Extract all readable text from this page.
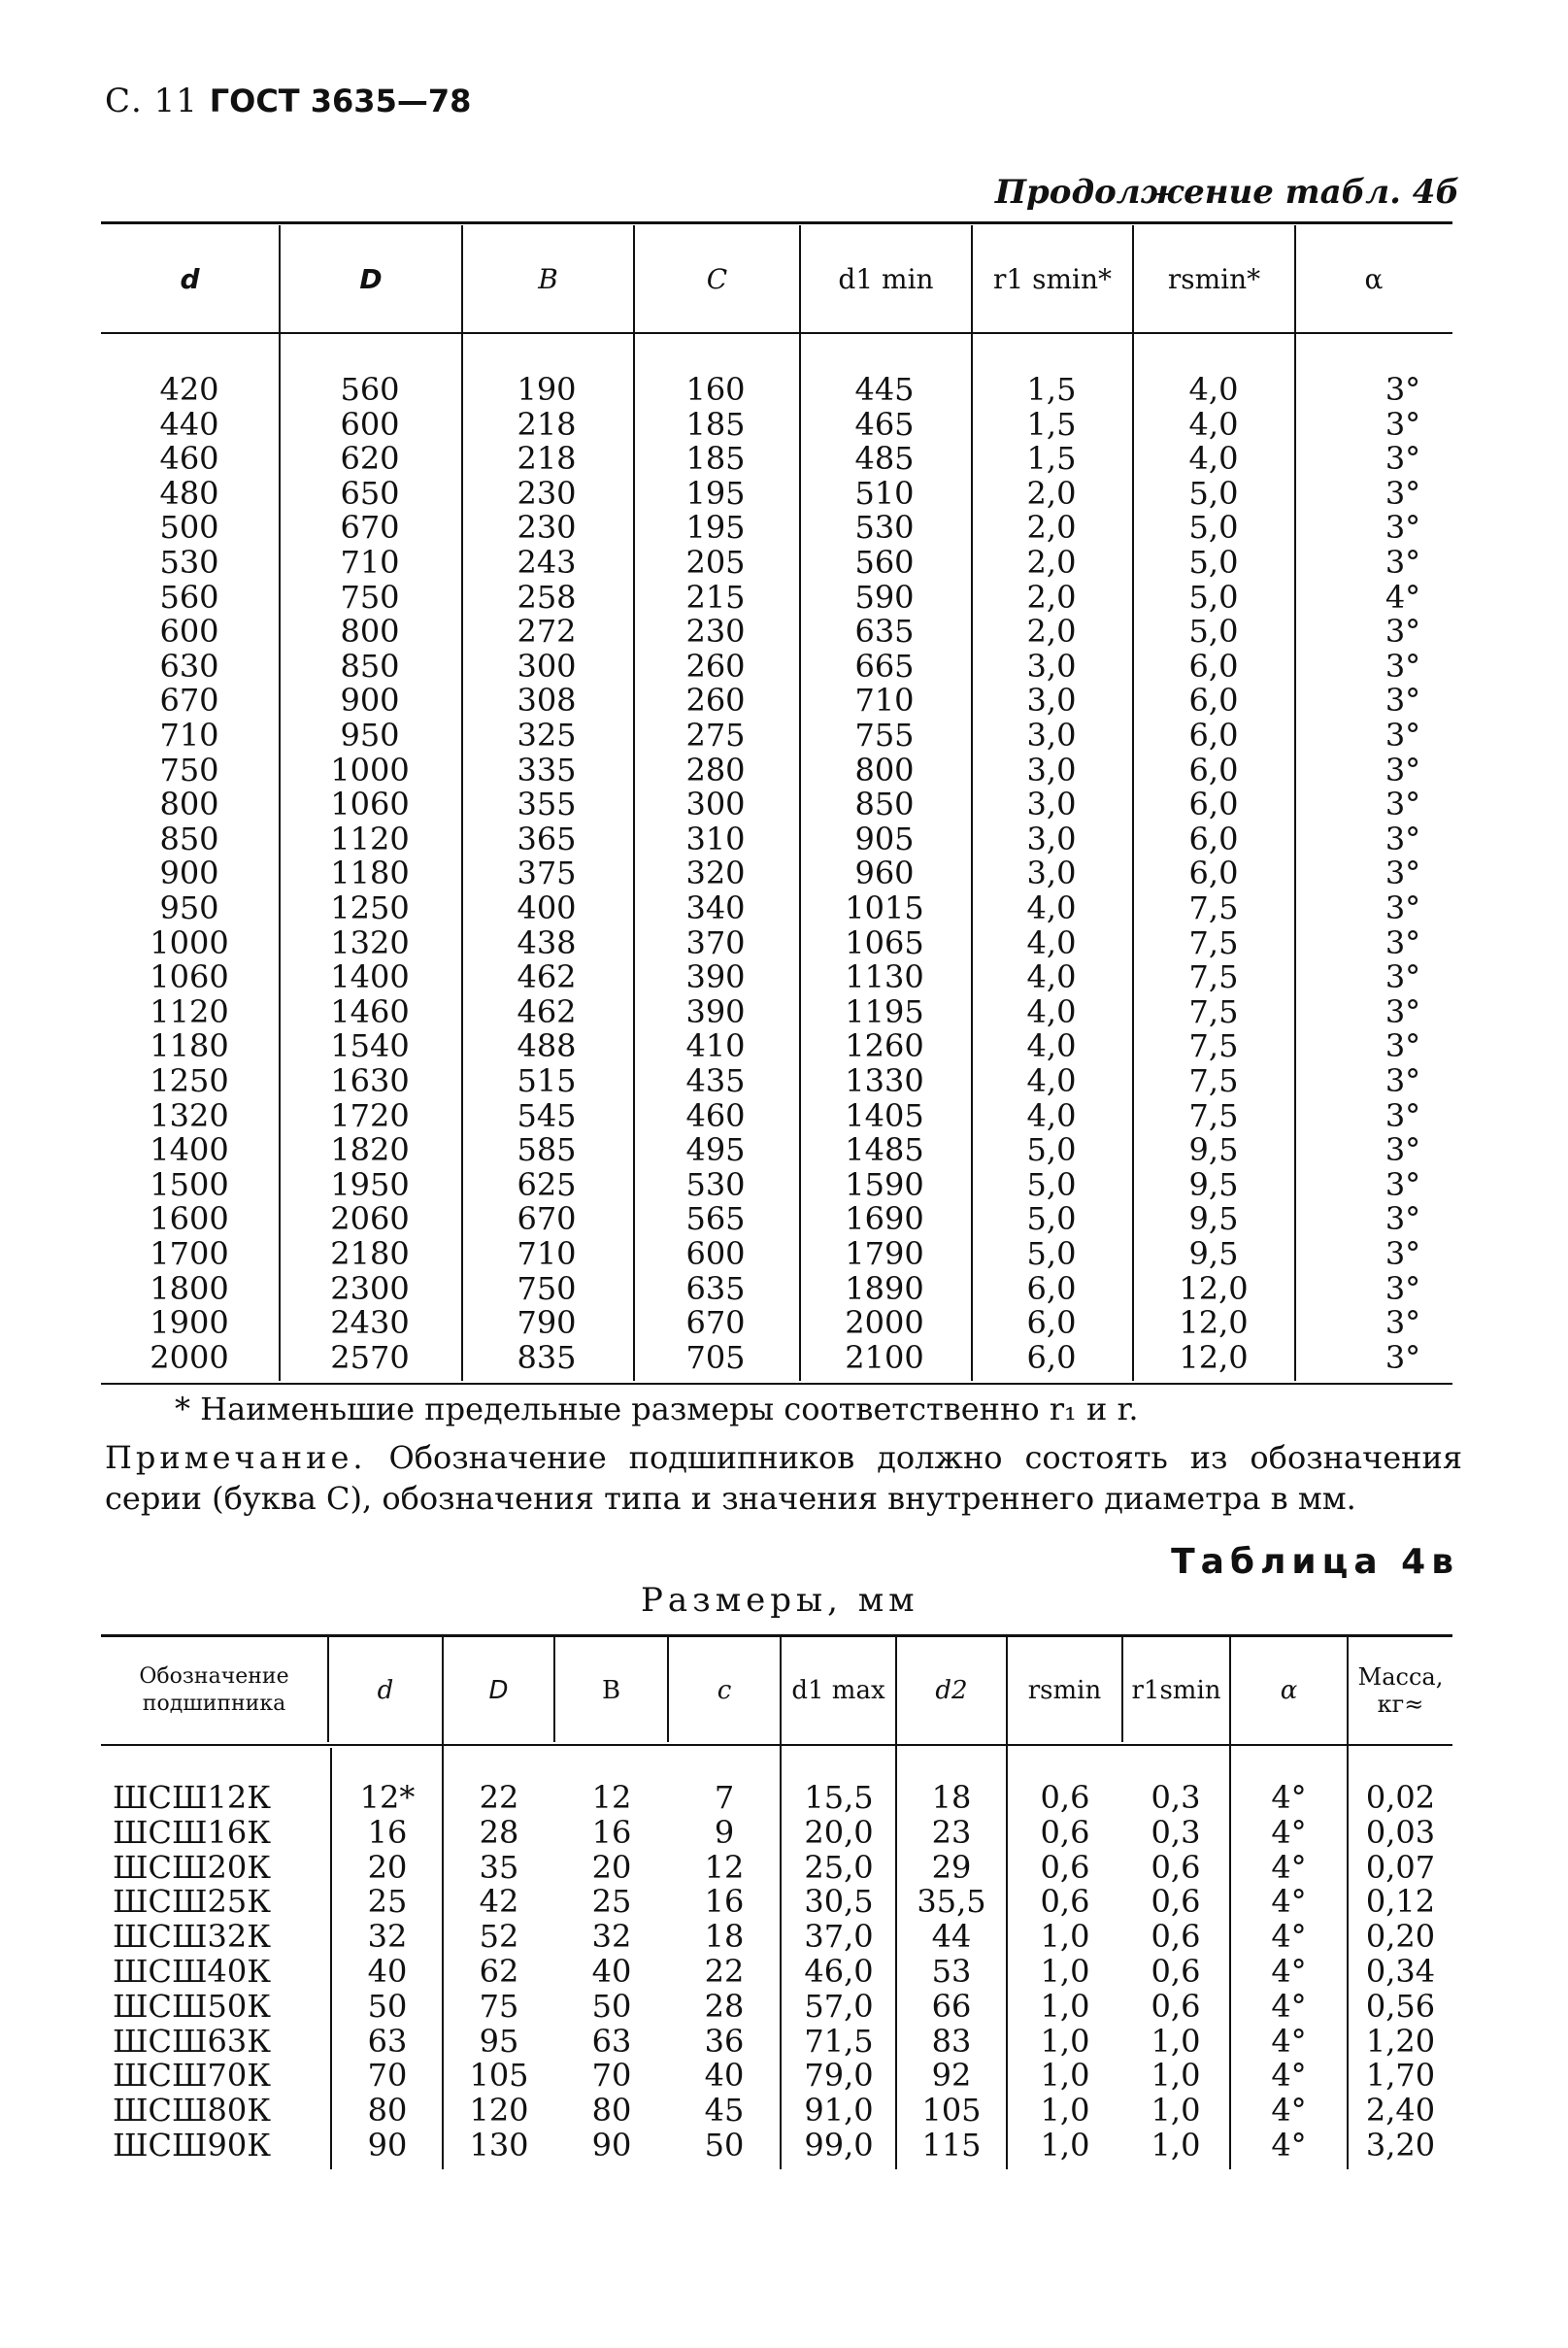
С. 11 ГОСТ 3635—78
Продолжение табл. 4б
d	D	B	C	d1 min	r1 smin*	rsmin*	α
420	560	190	160	445	1,5	4,0	3°
440	600	218	185	465	1,5	4,0	3°
460	620	218	185	485	1,5	4,0	3°
480	650	230	195	510	2,0	5,0	3°
500	670	230	195	530	2,0	5,0	3°
530	710	243	205	560	2,0	5,0	3°
560	750	258	215	590	2,0	5,0	4°
600	800	272	230	635	2,0	5,0	3°
630	850	300	260	665	3,0	6,0	3°
670	900	308	260	710	3,0	6,0	3°
710	950	325	275	755	3,0	6,0	3°
750	1000	335	280	800	3,0	6,0	3°
800	1060	355	300	850	3,0	6,0	3°
850	1120	365	310	905	3,0	6,0	3°
900	1180	375	320	960	3,0	6,0	3°
950	1250	400	340	1015	4,0	7,5	3°
1000	1320	438	370	1065	4,0	7,5	3°
1060	1400	462	390	1130	4,0	7,5	3°
1120	1460	462	390	1195	4,0	7,5	3°
1180	1540	488	410	1260	4,0	7,5	3°
1250	1630	515	435	1330	4,0	7,5	3°
1320	1720	545	460	1405	4,0	7,5	3°
1400	1820	585	495	1485	5,0	9,5	3°
1500	1950	625	530	1590	5,0	9,5	3°
1600	2060	670	565	1690	5,0	9,5	3°
1700	2180	710	600	1790	5,0	9,5	3°
1800	2300	750	635	1890	6,0	12,0	3°
1900	2430	790	670	2000	6,0	12,0	3°
2000	2570	835	705	2100	6,0	12,0	3°
* Наименьшие предельные размеры соответственно r₁ и r.
Примечание. Обозначение подшипников должно состоять из обозначения серии (буква С), обозначения типа и значения внутреннего диаметра в мм.
Таблица 4в
Размеры, мм
Обозначение подшипника	d	D	B	c	d1 max	d2	rsmin	r1smin	α	Масса, кг≈
ШСШ12К	12*	22	12	7	15,5	18	0,6	0,3	4°	0,02
ШСШ16К	16	28	16	9	20,0	23	0,6	0,3	4°	0,03
ШСШ20К	20	35	20	12	25,0	29	0,6	0,6	4°	0,07
ШСШ25К	25	42	25	16	30,5	35,5	0,6	0,6	4°	0,12
ШСШ32К	32	52	32	18	37,0	44	1,0	0,6	4°	0,20
ШСШ40К	40	62	40	22	46,0	53	1,0	0,6	4°	0,34
ШСШ50К	50	75	50	28	57,0	66	1,0	0,6	4°	0,56
ШСШ63К	63	95	63	36	71,5	83	1,0	1,0	4°	1,20
ШСШ70К	70	105	70	40	79,0	92	1,0	1,0	4°	1,70
ШСШ80К	80	120	80	45	91,0	105	1,0	1,0	4°	2,40
ШСШ90К	90	130	90	50	99,0	115	1,0	1,0	4°	3,20
